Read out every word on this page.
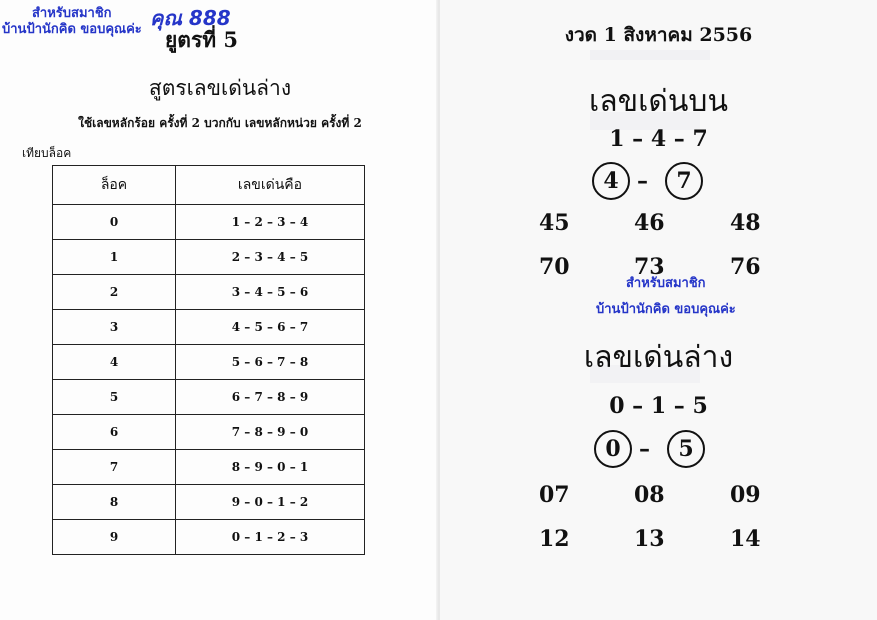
สำหรับสมาชิก
บ้านป้านักคิด ขอบคุณค่ะ คุณ 888
ยูตรที่ 5
สูตรเลขเด่นล่าง
ใช้เลขหลักร้อย ครั้งที่ 2 บวกกับ เลขหลักหน่วย ครั้งที่ 2
เทียบล็อค
ล็อค	เลขเด่นคือ
0	1 – 2 – 3 – 4
1	2 – 3 – 4 – 5
2	3 – 4 – 5 – 6
3	4 – 5 – 6 – 7
4	5 – 6 – 7 – 8
5	6 – 7 – 8 – 9
6	7 – 8 – 9 – 0
7	8 – 9 – 0 – 1
8	9 – 0 – 1 – 2
9	0 – 1 – 2 – 3
งวด 1 สิงหาคม 2556
เลขเด่นบน
1 – 4 – 7
4 –	7
45	46	48
70	73	76
สำหรับสมาชิก
บ้านป้านักคิด ขอบคุณค่ะ
เลขเด่นล่าง
0 – 1 – 5
0 –	5
07	08	09
12	13	14
